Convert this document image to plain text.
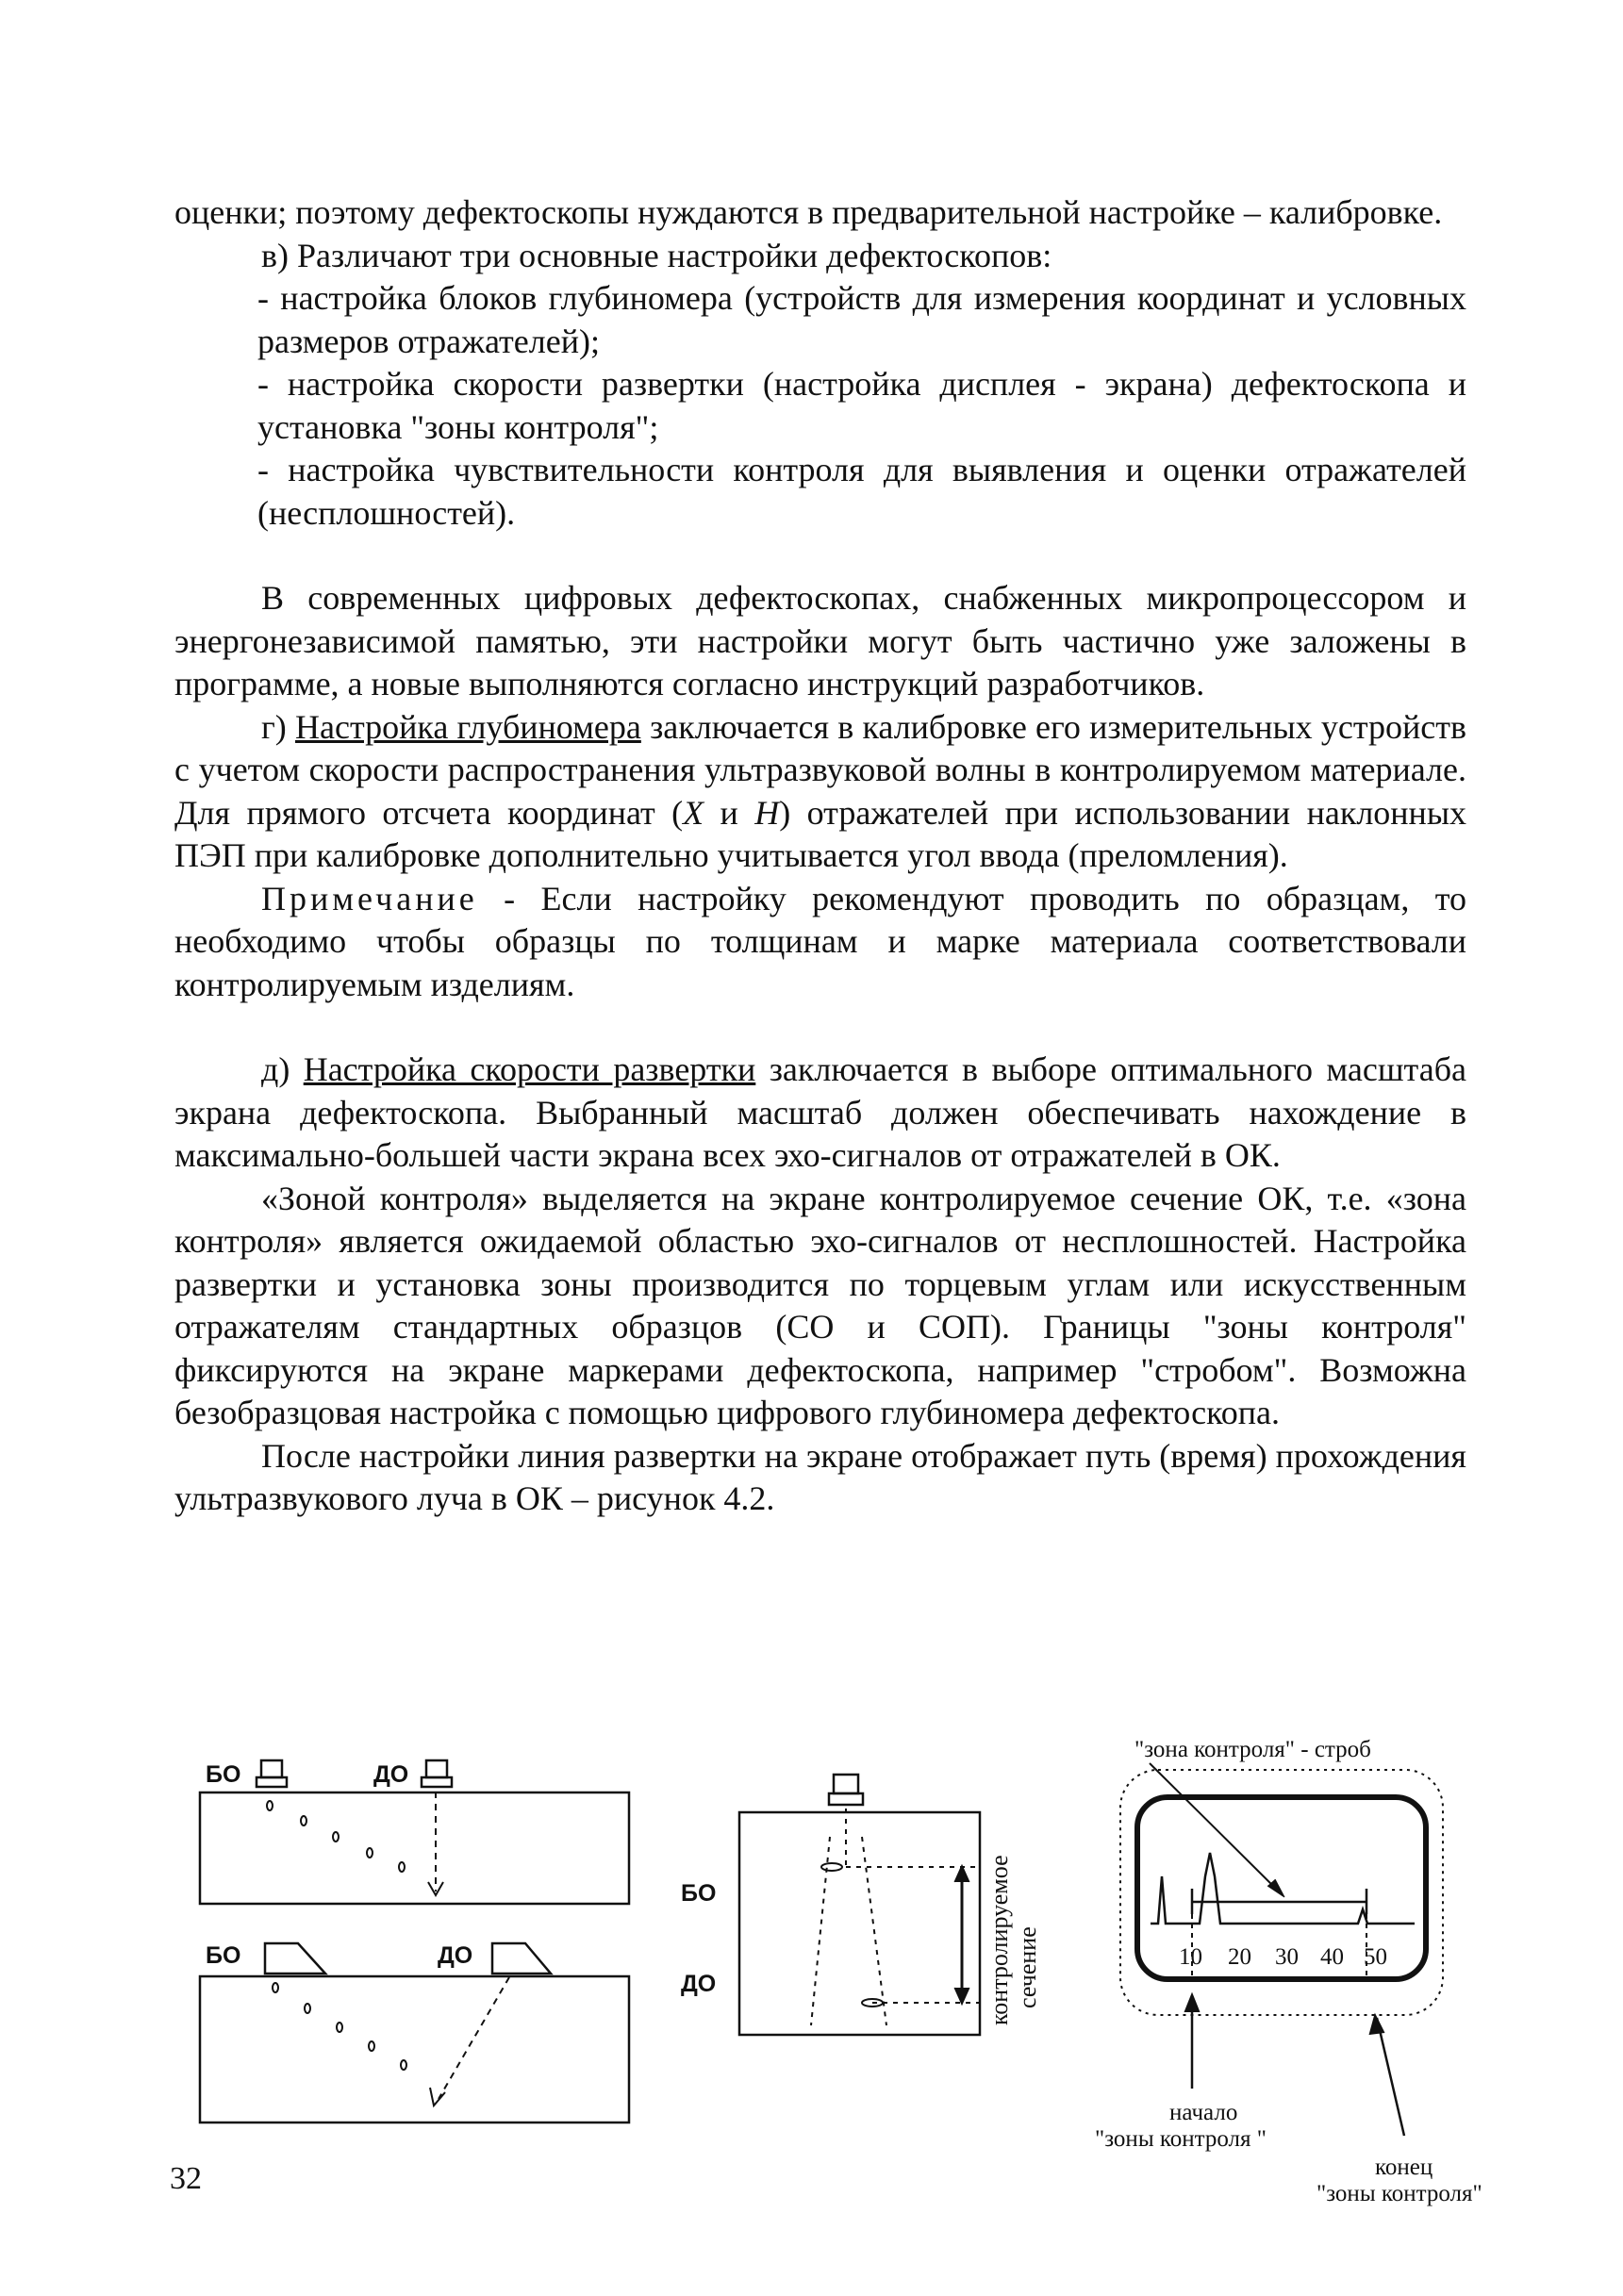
оценки; поэтому дефектоскопы нуждаются в предварительной настройке – калибровке.

в) Различают три основные настройки дефектоскопов:

- настройка блоков глубиномера (устройств для измерения координат и условных размеров отражателей);

- настройка скорости развертки (настройка дисплея - экрана) дефектоскопа и установка "зоны контроля";

- настройка чувствительности контроля для выявления и оценки отражателей (несплошностей).

В современных цифровых дефектоскопах, снабженных микропроцессором и энергонезависимой памятью, эти настройки могут быть частично уже заложены в программе, а новые выполняются согласно инструкций разработчиков.

г) Настройка глубиномера заключается в калибровке его измерительных устройств с учетом скорости распространения ультразвуковой волны в контролируемом материале. Для прямого отсчета координат (X и H) отражателей при использовании наклонных ПЭП при калибровке дополнительно учитывается угол ввода (преломления).

Примечание - Если настройку рекомендуют проводить по образцам, то необходимо чтобы образцы по толщинам и марке материала соответствовали контролируемым изделиям.

д) Настройка скорости развертки заключается в выборе оптимального масштаба экрана дефектоскопа. Выбранный масштаб должен обеспечивать нахождение в максимально-большей части экрана всех эхо-сигналов от отражателей в ОК.

«Зоной контроля» выделяется на экране контролируемое сечение ОК, т.е. «зона контроля» является ожидаемой областью эхо-сигналов от несплошностей. Настройка развертки и установка зоны производится по торцевым углам или искусственным отражателям стандартных образцов (СО и СОП). Границы "зоны контроля" фиксируются на экране маркерами дефектоскопа, например "стробом". Возможна безобразцовая настройка с помощью цифрового глубиномера дефектоскопа.

После настройки линия развертки на экране отображает путь (время) прохождения ультразвукового луча в ОК – рисунок 4.2.

БО	ДО
БО	ДО
БО
ДО	контролируемое сечение
"зона контроля" - строб
10 20 30 40 50
начало
"зоны контроля "
конец
"зоны контроля"
32
